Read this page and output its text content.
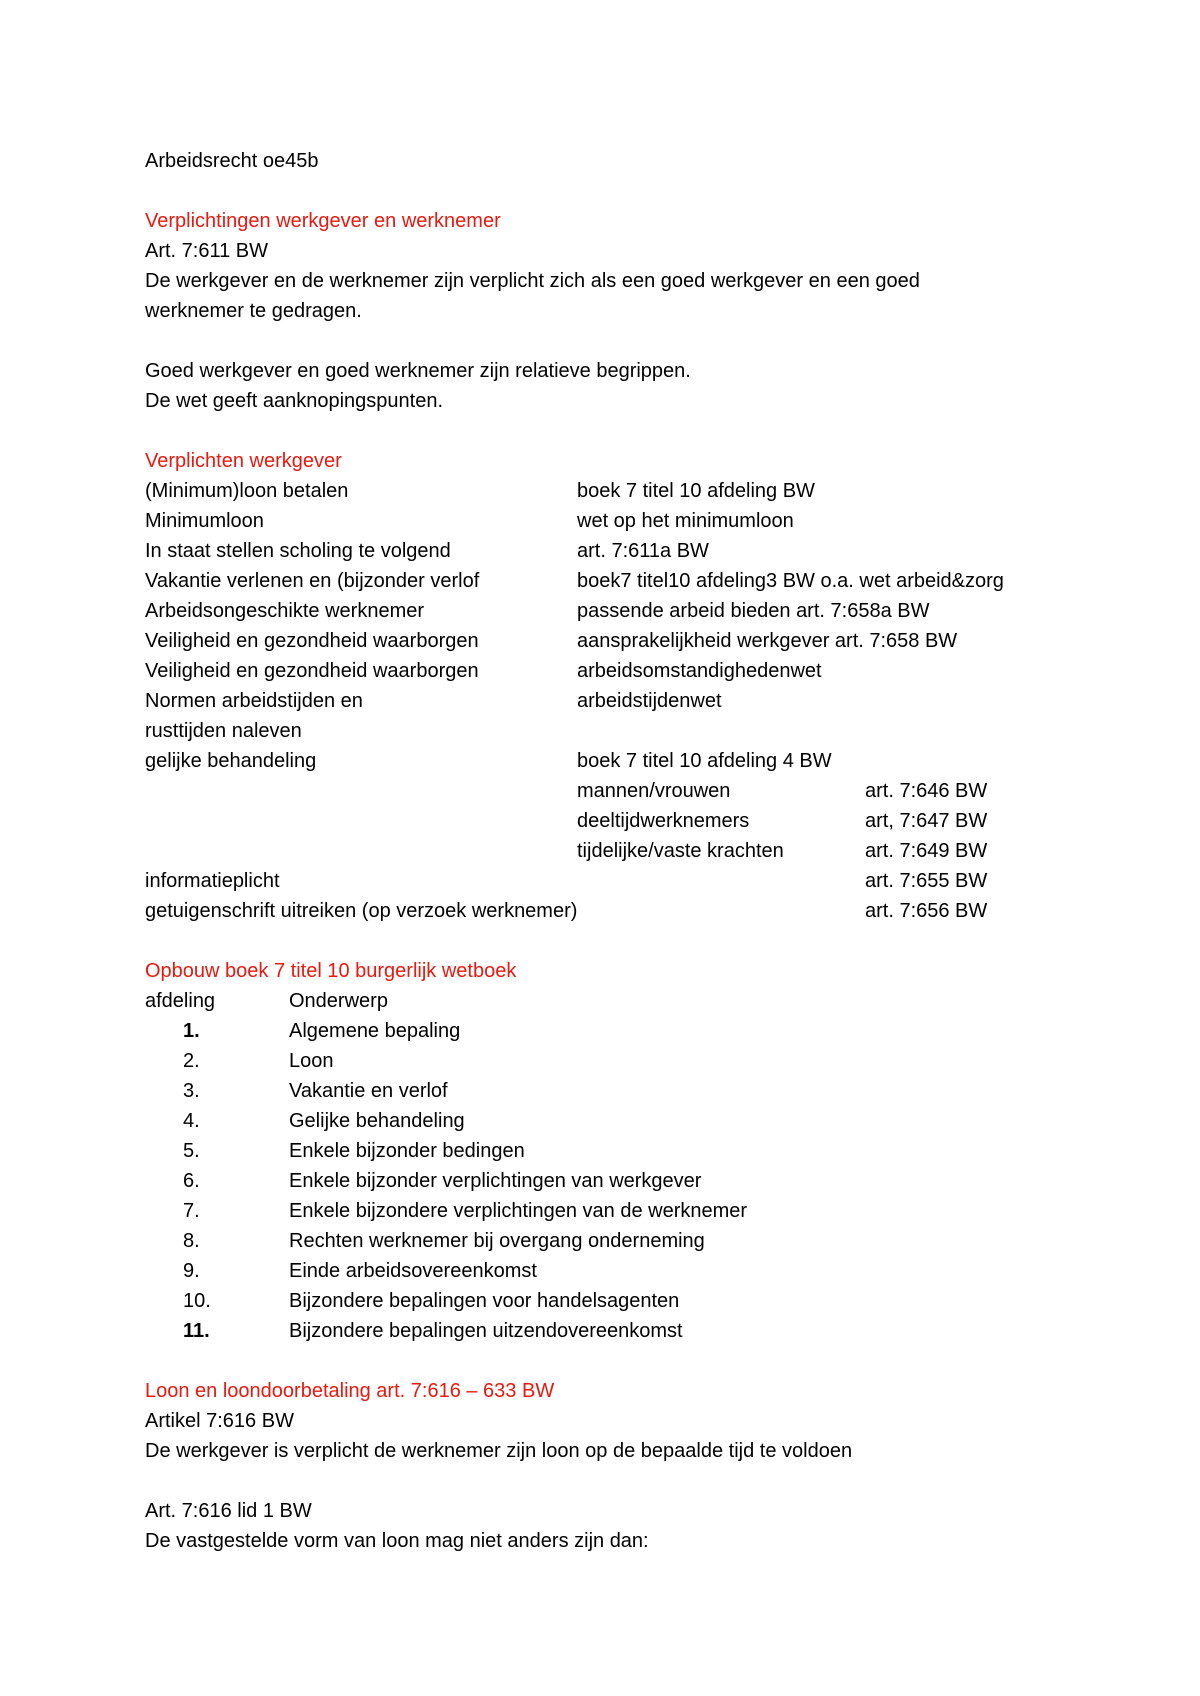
Arbeidsrecht oe45b
Verplichtingen werkgever en werknemer
Art. 7:611 BW
De werkgever en de werknemer zijn verplicht zich als een goed werkgever en een goed
werknemer te gedragen.
Goed werkgever en goed werknemer zijn relatieve begrippen.
De wet geeft aanknopingspunten.
Verplichten werkgever
(Minimum)loon betalen	boek 7 titel 10 afdeling BW
Minimumloon	wet op het minimumloon
In staat stellen scholing te volgend	art. 7:611a BW
Vakantie verlenen en (bijzonder verlof	boek7 titel10 afdeling3 BW o.a. wet arbeid&zorg
Arbeidsongeschikte werknemer	passende arbeid bieden art. 7:658a BW
Veiligheid en gezondheid waarborgen	aansprakelijkheid werkgever art. 7:658 BW
Veiligheid en gezondheid waarborgen	arbeidsomstandighedenwet
Normen arbeidstijden en	arbeidstijdenwet
rusttijden naleven
gelijke behandeling	boek 7 titel 10 afdeling 4 BW
mannen/vrouwen	art. 7:646 BW
deeltijdwerknemers	art, 7:647 BW
tijdelijke/vaste krachten	art. 7:649 BW
informatieplicht	art. 7:655 BW
getuigenschrift uitreiken (op verzoek werknemer)	art. 7:656 BW
Opbouw boek 7 titel 10 burgerlijk wetboek
afdeling	Onderwerp
1.	Algemene bepaling
2.	Loon
3.	Vakantie en verlof
4.	Gelijke behandeling
5.	Enkele bijzonder bedingen
6.	Enkele bijzonder verplichtingen van werkgever
7.	Enkele bijzondere verplichtingen van de werknemer
8.	Rechten werknemer bij overgang onderneming
9.	Einde arbeidsovereenkomst
10.	Bijzondere bepalingen voor handelsagenten
11.	Bijzondere bepalingen uitzendovereenkomst
Loon en loondoorbetaling art. 7:616 – 633 BW
Artikel 7:616 BW
De werkgever is verplicht de werknemer zijn loon op de bepaalde tijd te voldoen
Art. 7:616 lid 1 BW
De vastgestelde vorm van loon mag niet anders zijn dan:
